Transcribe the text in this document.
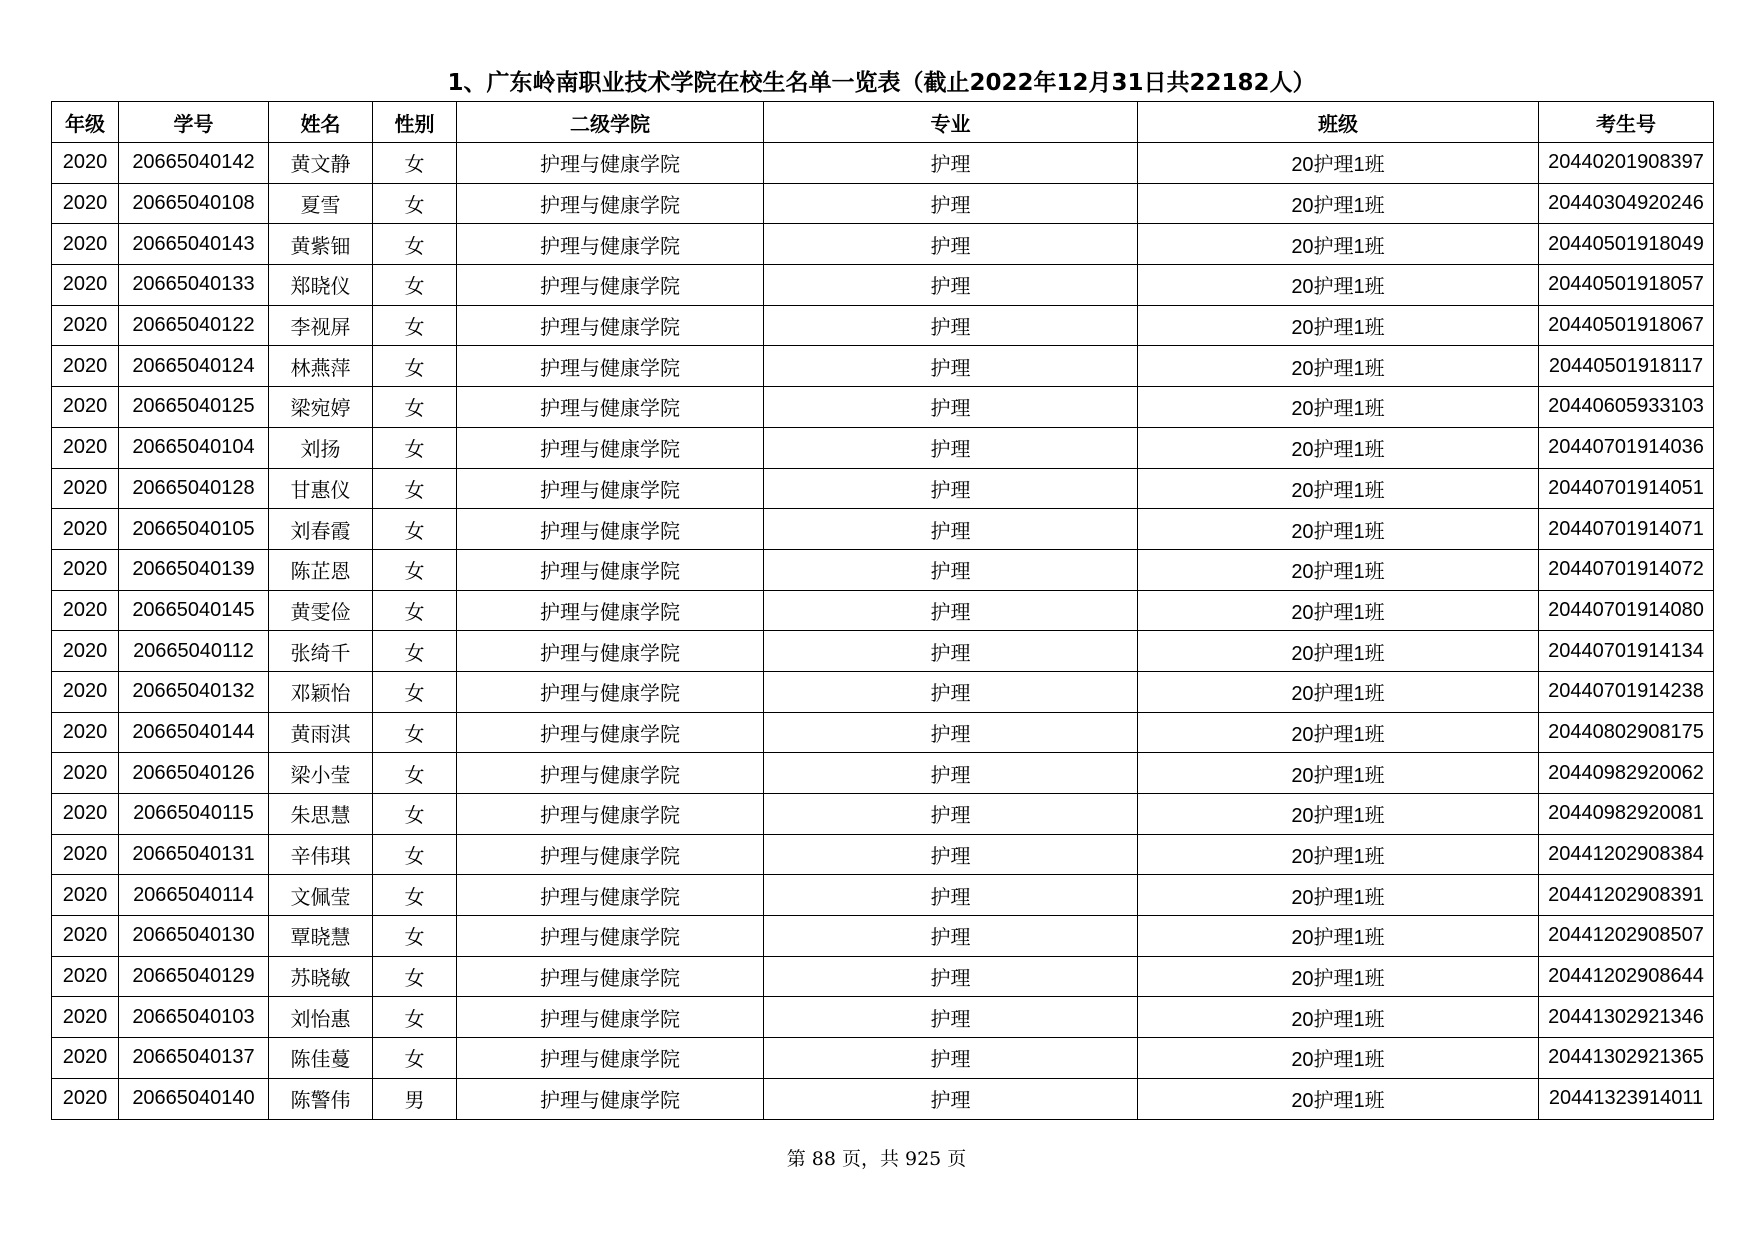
1、广东岭南职业技术学院在校生名单一览表（截止2022年12月31日共22182人）
年级	学号	姓名	性别	二级学院	专业	班级	考生号
2020	20665040142	黄文静	女	护理与健康学院	护理	20护理1班	20440201908397
2020	20665040108	夏雪	女	护理与健康学院	护理	20护理1班	20440304920246
2020	20665040143	黄紫钿	女	护理与健康学院	护理	20护理1班	20440501918049
2020	20665040133	郑晓仪	女	护理与健康学院	护理	20护理1班	20440501918057
2020	20665040122	李视屏	女	护理与健康学院	护理	20护理1班	20440501918067
2020	20665040124	林燕萍	女	护理与健康学院	护理	20护理1班	20440501918117
2020	20665040125	梁宛婷	女	护理与健康学院	护理	20护理1班	20440605933103
2020	20665040104	刘扬	女	护理与健康学院	护理	20护理1班	20440701914036
2020	20665040128	甘惠仪	女	护理与健康学院	护理	20护理1班	20440701914051
2020	20665040105	刘春霞	女	护理与健康学院	护理	20护理1班	20440701914071
2020	20665040139	陈芷恩	女	护理与健康学院	护理	20护理1班	20440701914072
2020	20665040145	黄雯俭	女	护理与健康学院	护理	20护理1班	20440701914080
2020	20665040112	张绮千	女	护理与健康学院	护理	20护理1班	20440701914134
2020	20665040132	邓颖怡	女	护理与健康学院	护理	20护理1班	20440701914238
2020	20665040144	黄雨淇	女	护理与健康学院	护理	20护理1班	20440802908175
2020	20665040126	梁小莹	女	护理与健康学院	护理	20护理1班	20440982920062
2020	20665040115	朱思慧	女	护理与健康学院	护理	20护理1班	20440982920081
2020	20665040131	辛伟琪	女	护理与健康学院	护理	20护理1班	20441202908384
2020	20665040114	文佩莹	女	护理与健康学院	护理	20护理1班	20441202908391
2020	20665040130	覃晓慧	女	护理与健康学院	护理	20护理1班	20441202908507
2020	20665040129	苏晓敏	女	护理与健康学院	护理	20护理1班	20441202908644
2020	20665040103	刘怡惠	女	护理与健康学院	护理	20护理1班	20441302921346
2020	20665040137	陈佳蔓	女	护理与健康学院	护理	20护理1班	20441302921365
2020	20665040140	陈警伟	男	护理与健康学院	护理	20护理1班	20441323914011
第 88 页，共 925 页
